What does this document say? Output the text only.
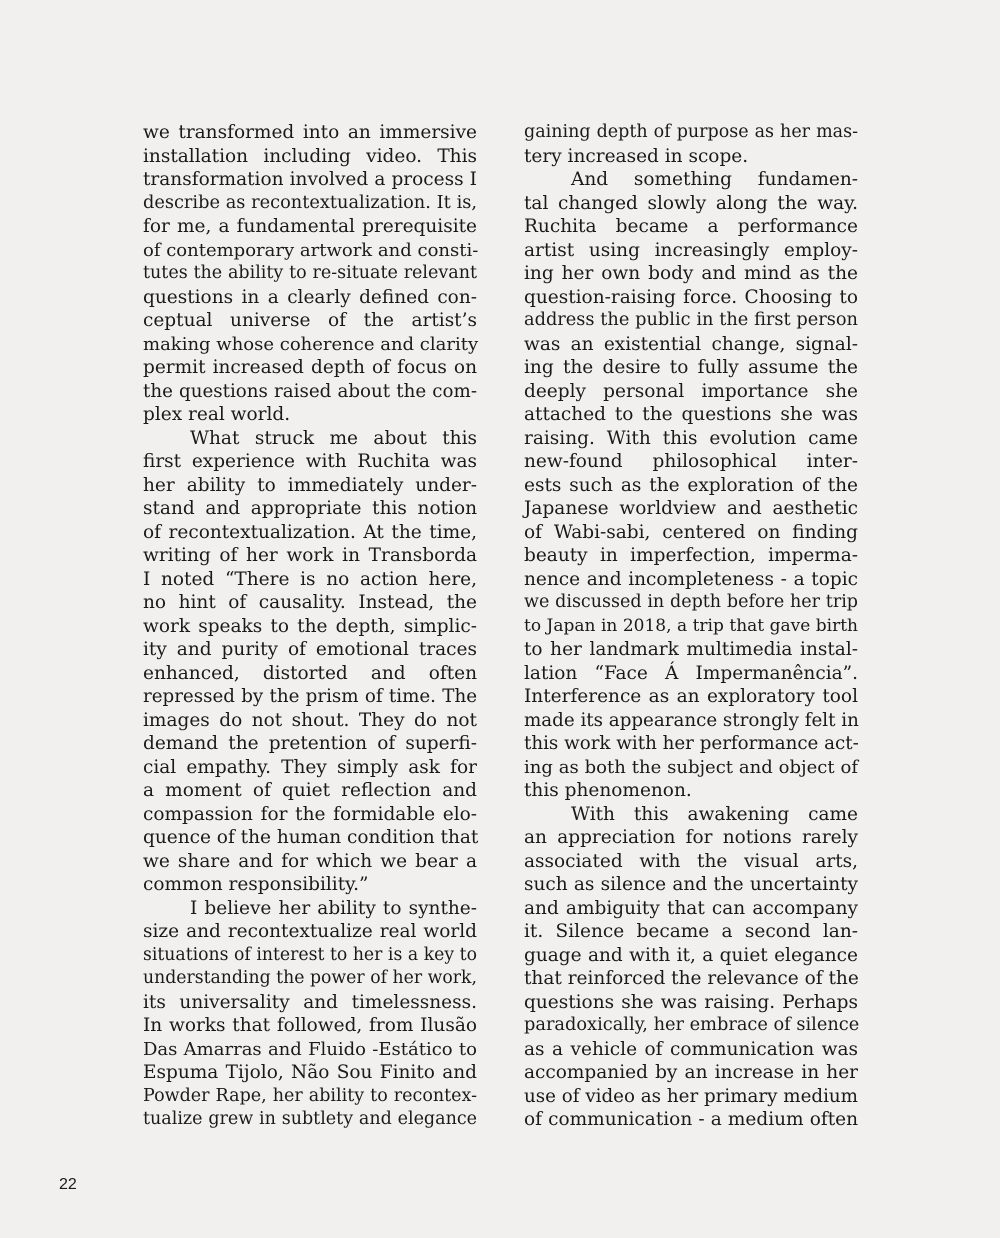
we transformed into an immersive
installation including video. This
transformation involved a process I
describe as recontextualization. It is,
for me, a fundamental prerequisite
of contemporary artwork and consti-
tutes the ability to re-situate relevant
questions in a clearly defined con-
ceptual universe of the artist’s
making whose coherence and clarity
permit increased depth of focus on
the questions raised about the com-
plex real world.
What struck me about this
first experience with Ruchita was
her ability to immediately under-
stand and appropriate this notion
of recontextualization. At the time,
writing of her work in Transborda
I noted “There is no action here,
no hint of causality. Instead, the
work speaks to the depth, simplic-
ity and purity of emotional traces
enhanced, distorted and often
repressed by the prism of time. The
images do not shout. They do not
demand the pretention of superfi-
cial empathy. They simply ask for
a moment of quiet reflection and
compassion for the formidable elo-
quence of the human condition that
we share and for which we bear a
common responsibility.”
I believe her ability to synthe-
size and recontextualize real world
situations of interest to her is a key to
understanding the power of her work,
its universality and timelessness.
In works that followed, from Ilusão
Das Amarras and Fluido -Estático to
Espuma Tijolo, Não Sou Finito and
Powder Rape, her ability to recontex-
tualize grew in subtlety and elegance
gaining depth of purpose as her mas-
tery increased in scope.
And something fundamen-
tal changed slowly along the way.
Ruchita became a performance
artist using increasingly employ-
ing her own body and mind as the
question-raising force. Choosing to
address the public in the first person
was an existential change, signal-
ing the desire to fully assume the
deeply personal importance she
attached to the questions she was
raising. With this evolution came
new-found philosophical inter-
ests such as the exploration of the
Japanese worldview and aesthetic
of Wabi-sabi, centered on finding
beauty in imperfection, imperma-
nence and incompleteness - a topic
we discussed in depth before her trip
to Japan in 2018, a trip that gave birth
to her landmark multimedia instal-
lation “Face Á Impermanência”.
Interference as an exploratory tool
made its appearance strongly felt in
this work with her performance act-
ing as both the subject and object of
this phenomenon.
With this awakening came
an appreciation for notions rarely
associated with the visual arts,
such as silence and the uncertainty
and ambiguity that can accompany
it. Silence became a second lan-
guage and with it, a quiet elegance
that reinforced the relevance of the
questions she was raising. Perhaps
paradoxically, her embrace of silence
as a vehicle of communication was
accompanied by an increase in her
use of video as her primary medium
of communication - a medium often
22
